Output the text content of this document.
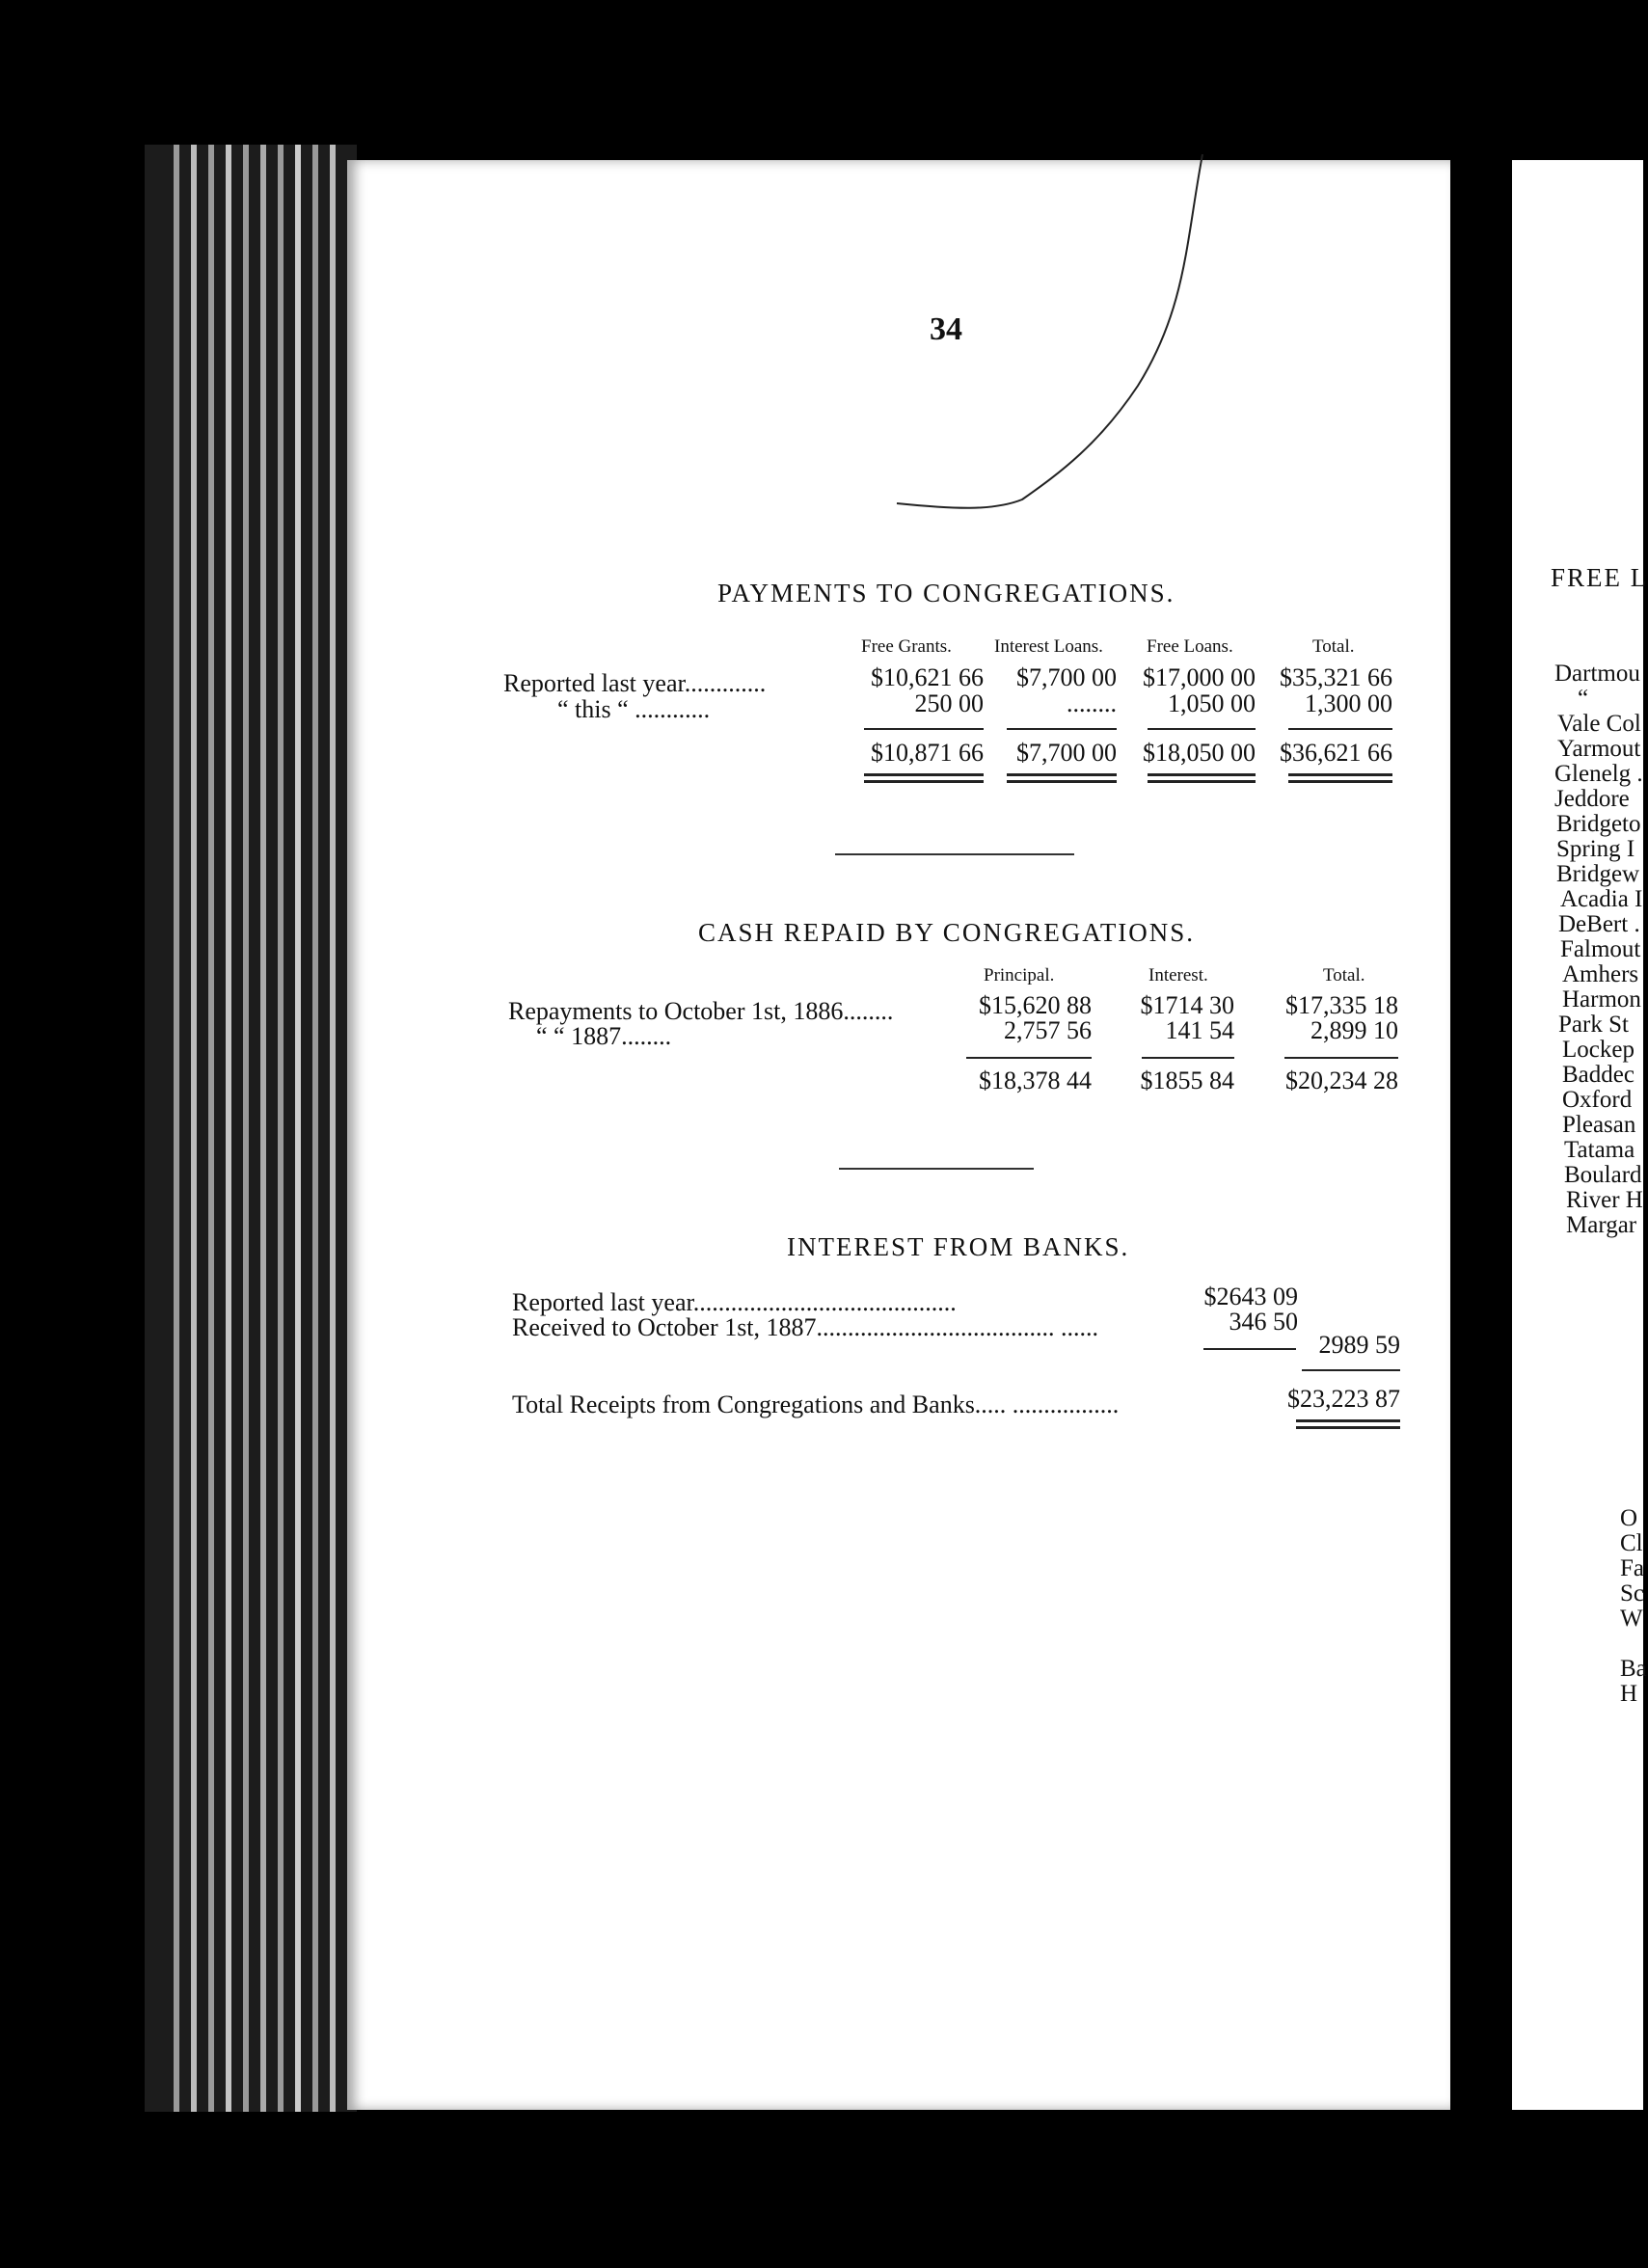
34
PAYMENTS TO CONGREGATIONS.
Free Grants. Interest Loans. Free Loans.	Total.
Reported last year.............	$10,621 66	$7,700 00	$17,000 00 $35,321 66
“ this “ ............	250 00	........	1,050 00	1,300 00
$10,871 66	$7,700 00	$18,050 00 $36,621 66
CASH REPAID BY CONGREGATIONS.
Principal.	Interest.	Total.
Repayments to October 1st, 1886........	$15,620 88	$1714 30	$17,335 18
“ “ 1887........	2,757 56	141 54	2,899 10
$18,378 44	$1855 84	$20,234 28
INTEREST FROM BANKS.
Reported last year..........................................	$2643 09
Received to October 1st, 1887...................................... ......	346 50
2989 59
Total Receipts from Congregations and Banks..... .................	$23,223 87
FREE L
Dartmou
“
Vale Col
Yarmout
Glenelg .
Jeddore
Bridgeto
Spring I
Bridgew
Acadia I
DeBert .
Falmout
Amhers
Harmon
Park St
Lockep
Baddec
Oxford
Pleasan
Tatama
Boulard
River H
Margar
O
Cl
Fa
Sc
W
Ba
H
